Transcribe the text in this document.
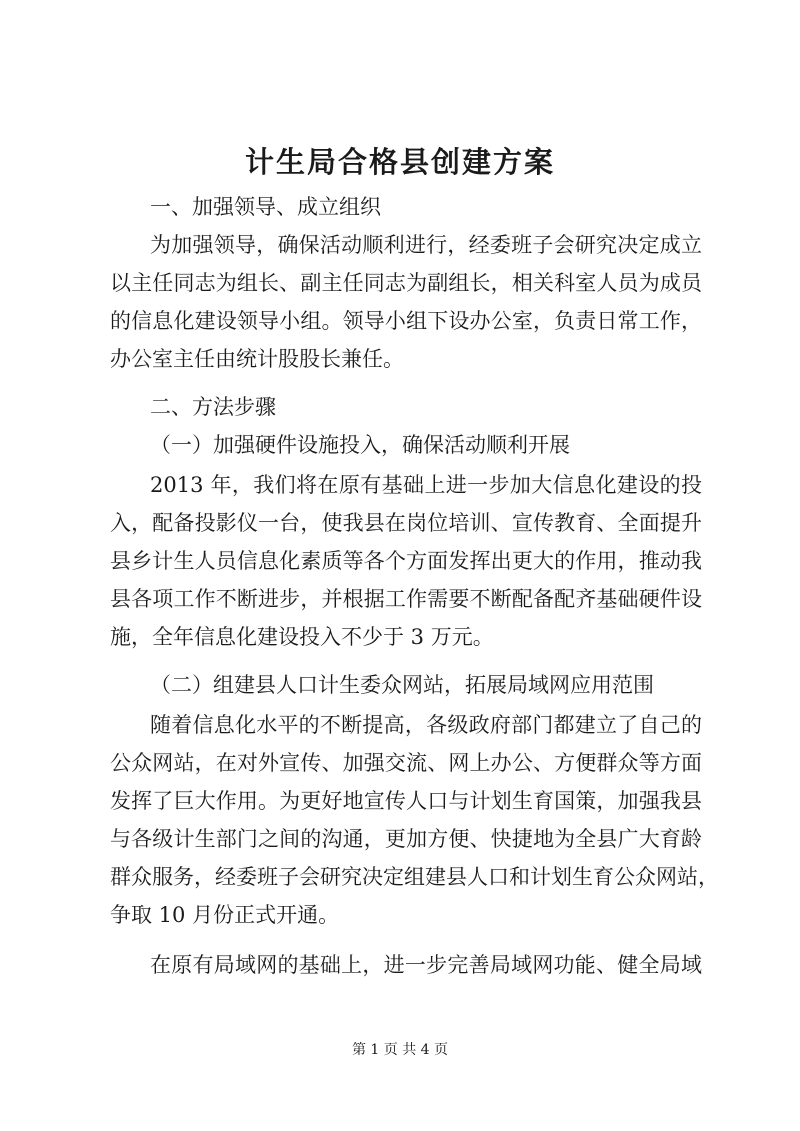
计生局合格县创建方案
一、加强领导、成立组织
为加强领导，确保活动顺利进行，经委班子会研究决定成立
以主任同志为组长、副主任同志为副组长，相关科室人员为成员
的信息化建设领导小组。领导小组下设办公室，负责日常工作，
办公室主任由统计股股长兼任。
二、方法步骤
（一）加强硬件设施投入，确保活动顺利开展
2013 年，我们将在原有基础上进一步加大信息化建设的投
入，配备投影仪一台，使我县在岗位培训、宣传教育、全面提升
县乡计生人员信息化素质等各个方面发挥出更大的作用，推动我
县各项工作不断进步，并根据工作需要不断配备配齐基础硬件设
施，全年信息化建设投入不少于 3 万元。
（二）组建县人口计生委众网站，拓展局域网应用范围
随着信息化水平的不断提高，各级政府部门都建立了自己的
公众网站，在对外宣传、加强交流、网上办公、方便群众等方面
发挥了巨大作用。为更好地宣传人口与计划生育国策，加强我县
与各级计生部门之间的沟通，更加方便、快捷地为全县广大育龄
群众服务，经委班子会研究决定组建县人口和计划生育公众网站，
争取 10 月份正式开通。
在原有局域网的基础上，进一步完善局域网功能、健全局域
第 1 页 共 4 页
